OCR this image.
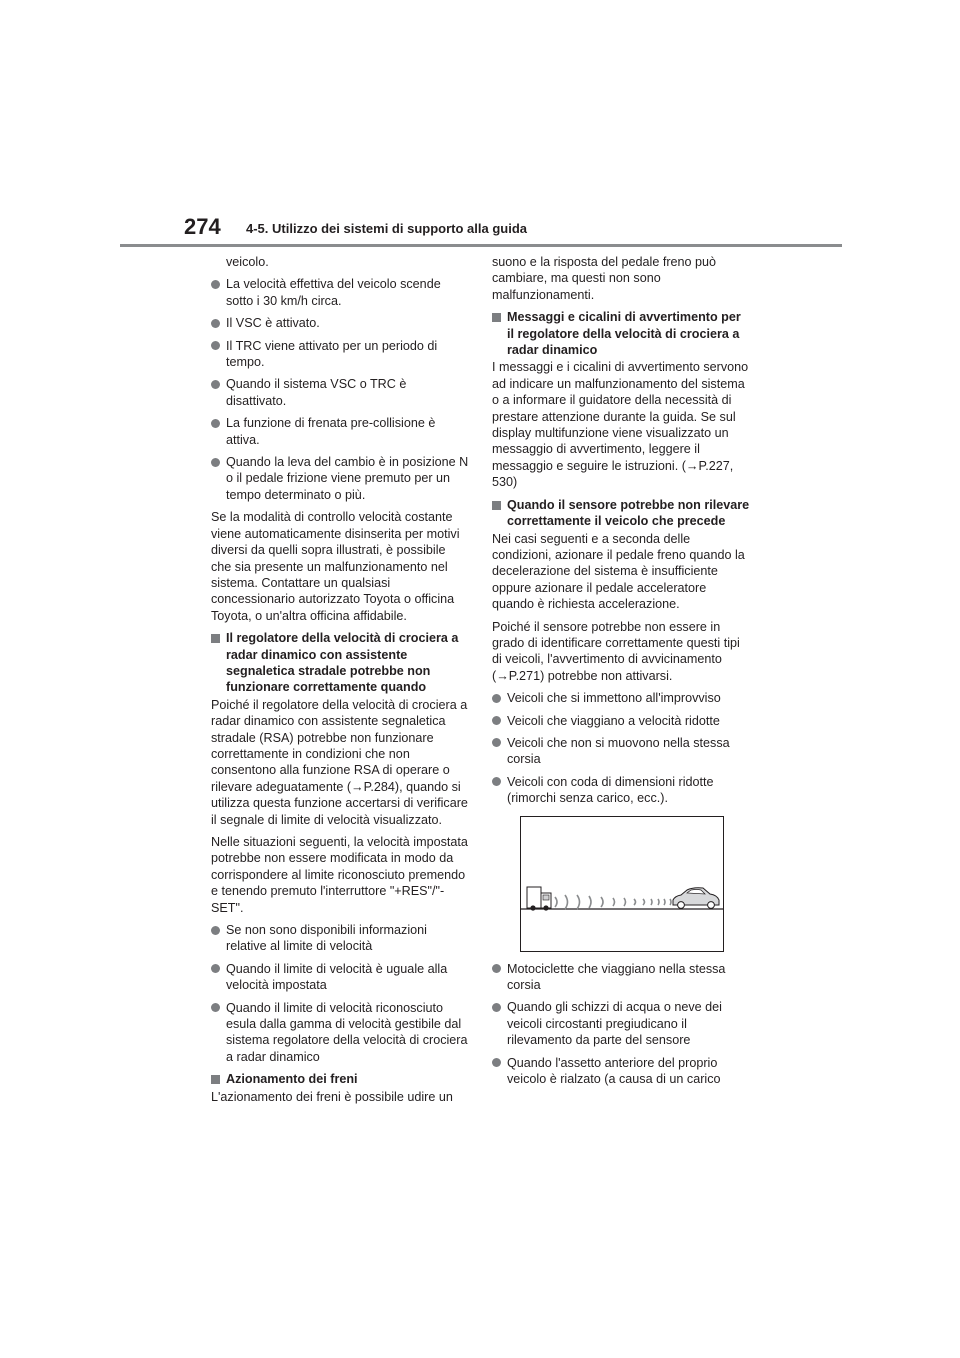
274 4-5. Utilizzo dei sistemi di supporto alla guida

veicolo.

La velocità effettiva del veicolo scende sotto i 30 km/h circa.
Il VSC è attivato.
Il TRC viene attivato per un periodo di tempo.
Quando il sistema VSC o TRC è disattivato.
La funzione di frenata pre-collisione è attiva.
Quando la leva del cambio è in posizione N o il pedale frizione viene premuto per un tempo determinato o più.

Se la modalità di controllo velocità costante viene automaticamente disinserita per motivi diversi da quelli sopra illustrati, è possibile che sia presente un malfunzionamento nel sistema. Contattare un qualsiasi concessionario autorizzato Toyota o officina Toyota, o un'altra officina affidabile.

Il regolatore della velocità di crociera a radar dinamico con assistente segnaletica stradale potrebbe non funzionare correttamente quando

Poiché il regolatore della velocità di crociera a radar dinamico con assistente segnaletica stradale (RSA) potrebbe non funzionare correttamente in condizioni che non consentono alla funzione RSA di operare o rilevare adeguatamente (→P.284), quando si utilizza questa funzione accertarsi di verificare il segnale di limite di velocità visualizzato.

Nelle situazioni seguenti, la velocità impostata potrebbe non essere modificata in modo da corrispondere al limite riconosciuto premendo e tenendo premuto l'interruttore "+RES"/"-SET".

Se non sono disponibili informazioni relative al limite di velocità
Quando il limite di velocità è uguale alla velocità impostata
Quando il limite di velocità riconosciuto esula dalla gamma di velocità gestibile dal sistema regolatore della velocità di crociera a radar dinamico
Azionamento dei freni

L'azionamento dei freni è possibile udire un

suono e la risposta del pedale freno può cambiare, ma questi non sono malfunzionamenti.

Messaggi e cicalini di avvertimento per il regolatore della velocità di crociera a radar dinamico

I messaggi e i cicalini di avvertimento servono ad indicare un malfunzionamento del sistema o a informare il guidatore della necessità di prestare attenzione durante la guida. Se sul display multifunzione viene visualizzato un messaggio di avvertimento, leggere il messaggio e seguire le istruzioni. (→P.227, 530)

Quando il sensore potrebbe non rilevare correttamente il veicolo che precede

Nei casi seguenti e a seconda delle condizioni, azionare il pedale freno quando la decelerazione del sistema è insufficiente oppure azionare il pedale acceleratore quando è richiesta accelerazione.

Poiché il sensore potrebbe non essere in grado di identificare correttamente questi tipi di veicoli, l'avvertimento di avvicinamento (→P.271) potrebbe non attivarsi.

Veicoli che si immettono all'improvviso
Veicoli che viaggiano a velocità ridotte
Veicoli che non si muovono nella stessa corsia
Veicoli con coda di dimensioni ridotte (rimorchi senza carico, ecc.).
Motociclette che viaggiano nella stessa corsia
Quando gli schizzi di acqua o neve dei veicoli circostanti pregiudicano il rilevamento da parte del sensore
Quando l'assetto anteriore del proprio veicolo è rialzato (a causa di un carico
